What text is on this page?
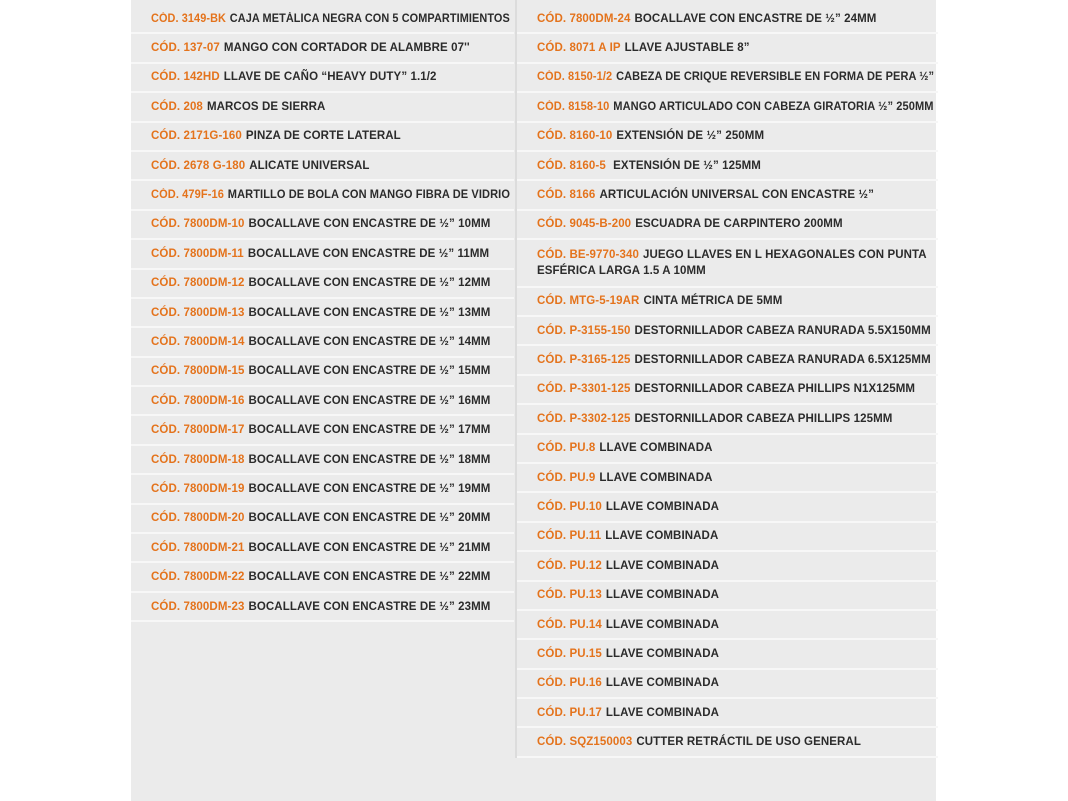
CÓD. 3149-BK CAJA METÁLICA NEGRA CON 5 COMPARTIMIENTOS
CÓD. 137-07 MANGO CON CORTADOR DE ALAMBRE 07''
CÓD. 142HD LLAVE DE CAÑO “HEAVY DUTY” 1.1/2
CÓD. 208 MARCOS DE SIERRA
CÓD. 2171G-160 PINZA DE CORTE LATERAL
CÓD. 2678 G-180 ALICATE UNIVERSAL
CÓD. 479F-16 MARTILLO DE BOLA CON MANGO FIBRA DE VIDRIO
CÓD. 7800DM-10 BOCALLAVE CON ENCASTRE DE ½” 10MM
CÓD. 7800DM-11 BOCALLAVE CON ENCASTRE DE ½” 11MM
CÓD. 7800DM-12 BOCALLAVE CON ENCASTRE DE ½” 12MM
CÓD. 7800DM-13 BOCALLAVE CON ENCASTRE DE ½” 13MM
CÓD. 7800DM-14 BOCALLAVE CON ENCASTRE DE ½” 14MM
CÓD. 7800DM-15 BOCALLAVE CON ENCASTRE DE ½” 15MM
CÓD. 7800DM-16 BOCALLAVE CON ENCASTRE DE ½” 16MM
CÓD. 7800DM-17 BOCALLAVE CON ENCASTRE DE ½” 17MM
CÓD. 7800DM-18 BOCALLAVE CON ENCASTRE DE ½” 18MM
CÓD. 7800DM-19 BOCALLAVE CON ENCASTRE DE ½” 19MM
CÓD. 7800DM-20 BOCALLAVE CON ENCASTRE DE ½” 20MM
CÓD. 7800DM-21 BOCALLAVE CON ENCASTRE DE ½” 21MM
CÓD. 7800DM-22 BOCALLAVE CON ENCASTRE DE ½” 22MM
CÓD. 7800DM-23 BOCALLAVE CON ENCASTRE DE ½” 23MM
CÓD. 7800DM-24 BOCALLAVE CON ENCASTRE DE ½” 24MM
CÓD. 8071 A IP LLAVE AJUSTABLE 8”
CÓD. 8150-1/2 CABEZA DE CRIQUE REVERSIBLE EN FORMA DE PERA ½”
CÓD. 8158-10 MANGO ARTICULADO CON CABEZA GIRATORIA ½” 250MM
CÓD. 8160-10 EXTENSIÓN DE ½” 250MM
CÓD. 8160-5 EXTENSIÓN DE ½” 125MM
CÓD. 8166 ARTICULACIÓN UNIVERSAL CON ENCASTRE ½”
CÓD. 9045-B-200 ESCUADRA DE CARPINTERO 200MM
CÓD. BE-9770-340 JUEGO LLAVES EN L HEXAGONALES CON PUNTA ESFÉRICA LARGA 1.5 A 10MM
CÓD. MTG-5-19AR CINTA MÉTRICA DE 5MM
CÓD. P-3155-150 DESTORNILLADOR CABEZA RANURADA 5.5X150MM
CÓD. P-3165-125 DESTORNILLADOR CABEZA RANURADA 6.5X125MM
CÓD. P-3301-125 DESTORNILLADOR CABEZA PHILLIPS N1X125MM
CÓD. P-3302-125 DESTORNILLADOR CABEZA PHILLIPS 125MM
CÓD. PU.8 LLAVE COMBINADA
CÓD. PU.9 LLAVE COMBINADA
CÓD. PU.10 LLAVE COMBINADA
CÓD. PU.11 LLAVE COMBINADA
CÓD. PU.12 LLAVE COMBINADA
CÓD. PU.13 LLAVE COMBINADA
CÓD. PU.14 LLAVE COMBINADA
CÓD. PU.15 LLAVE COMBINADA
CÓD. PU.16 LLAVE COMBINADA
CÓD. PU.17 LLAVE COMBINADA
CÓD. SQZ150003 CUTTER RETRÁCTIL DE USO GENERAL
